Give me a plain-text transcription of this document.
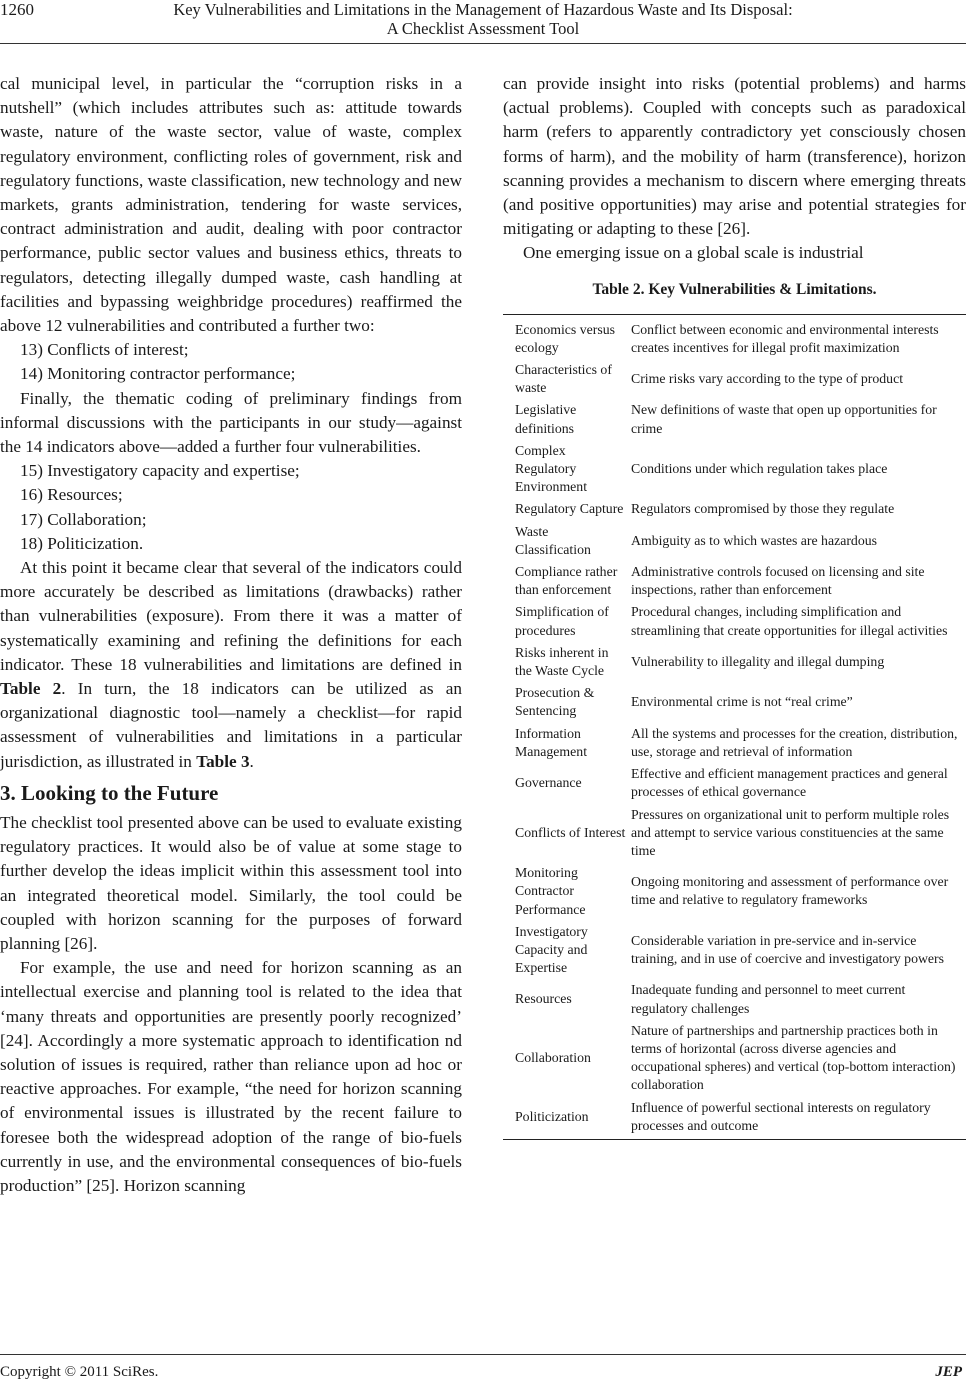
1260	Key Vulnerabilities and Limitations in the Management of Hazardous Waste and Its Disposal:
A Checklist Assessment Tool

cal municipal level, in particular the “corruption risks in a nutshell” (which includes attributes such as: attitude towards waste, nature of the waste sector, value of waste, complex regulatory environment, conflicting roles of government, risk and regulatory functions, waste classification, new technology and new markets, grants administration, tendering for waste services, contract administration and audit, dealing with poor contractor performance, public sector values and business ethics, threats to regulators, detecting illegally dumped waste, cash handling at facilities and bypassing weighbridge procedures) reaffirmed the above 12 vulnerabilities and contributed a further two:

13) Conflicts of interest;
14) Monitoring contractor performance;

Finally, the thematic coding of preliminary findings from informal discussions with the participants in our study—against the 14 indicators above—added a further four vulnerabilities.

15) Investigatory capacity and expertise;
16) Resources;
17) Collaboration;
18) Politicization.

At this point it became clear that several of the indicators could more accurately be described as limitations (drawbacks) rather than vulnerabilities (exposure). From there it was a matter of systematically examining and refining the definitions for each indicator. These 18 vulnerabilities and limitations are defined in Table 2. In turn, the 18 indicators can be utilized as an organizational diagnostic tool—namely a checklist—for rapid assessment of vulnerabilities and limitations in a particular jurisdiction, as illustrated in Table 3.

3. Looking to the Future

The checklist tool presented above can be used to evaluate existing regulatory practices. It would also be of value at some stage to further develop the ideas implicit within this assessment tool into an integrated theoretical model. Similarly, the tool could be coupled with horizon scanning for the purposes of forward planning [26].

For example, the use and need for horizon scanning as an intellectual exercise and planning tool is related to the idea that ‘many threats and opportunities are presently poorly recognized’ [24]. Accordingly a more systematic approach to identification nd solution of issues is required, rather than reliance upon ad hoc or reactive approaches. For example, “the need for horizon scanning of environmental issues is illustrated by the recent failure to foresee both the widespread adoption of the range of bio-fuels currently in use, and the environmental consequences of bio-fuels production” [25]. Horizon scanning

can provide insight into risks (potential problems) and harms (actual problems). Coupled with concepts such as paradoxical harm (refers to apparently contradictory yet consciously chosen forms of harm), and the mobility of harm (transference), horizon scanning provides a mechanism to discern where emerging threats (and positive opportunities) may arise and potential strategies for mitigating or adapting to these [26].

One emerging issue on a global scale is industrial

Table 2. Key Vulnerabilities & Limitations.
Economics versus ecology	Conflict between economic and environmental interests creates incentives for illegal profit maximization
Characteristics of waste	Crime risks vary according to the type of product
Legislative definitions	New definitions of waste that open up opportunities for crime
Complex Regulatory Environment	Conditions under which regulation takes place
Regulatory Capture	Regulators compromised by those they regulate
Waste Classification	Ambiguity as to which wastes are hazardous
Compliance rather than enforcement	Administrative controls focused on licensing and site inspections, rather than enforcement
Simplification of procedures	Procedural changes, including simplification and streamlining that create opportunities for illegal activities
Risks inherent in the Waste Cycle	Vulnerability to illegality and illegal dumping
Prosecution & Sentencing	Environmental crime is not “real crime”
Information Management	All the systems and processes for the creation, distribution, use, storage and retrieval of information
Governance	Effective and efficient management practices and general processes of ethical governance
Conflicts of Interest	Pressures on organizational unit to perform multiple roles and attempt to service various constituencies at the same time
Monitoring Contractor Performance	Ongoing monitoring and assessment of performance over time and relative to regulatory frameworks
Investigatory Capacity and Expertise	Considerable variation in pre-service and in-service training, and in use of coercive and investigatory powers
Resources	Inadequate funding and personnel to meet current regulatory challenges
Collaboration	Nature of partnerships and partnership practices both in terms of horizontal (across diverse agencies and occupational spheres) and vertical (top-bottom interaction) collaboration
Politicization	Influence of powerful sectional interests on regulatory processes and outcome
Copyright © 2011 SciRes.	JEP
